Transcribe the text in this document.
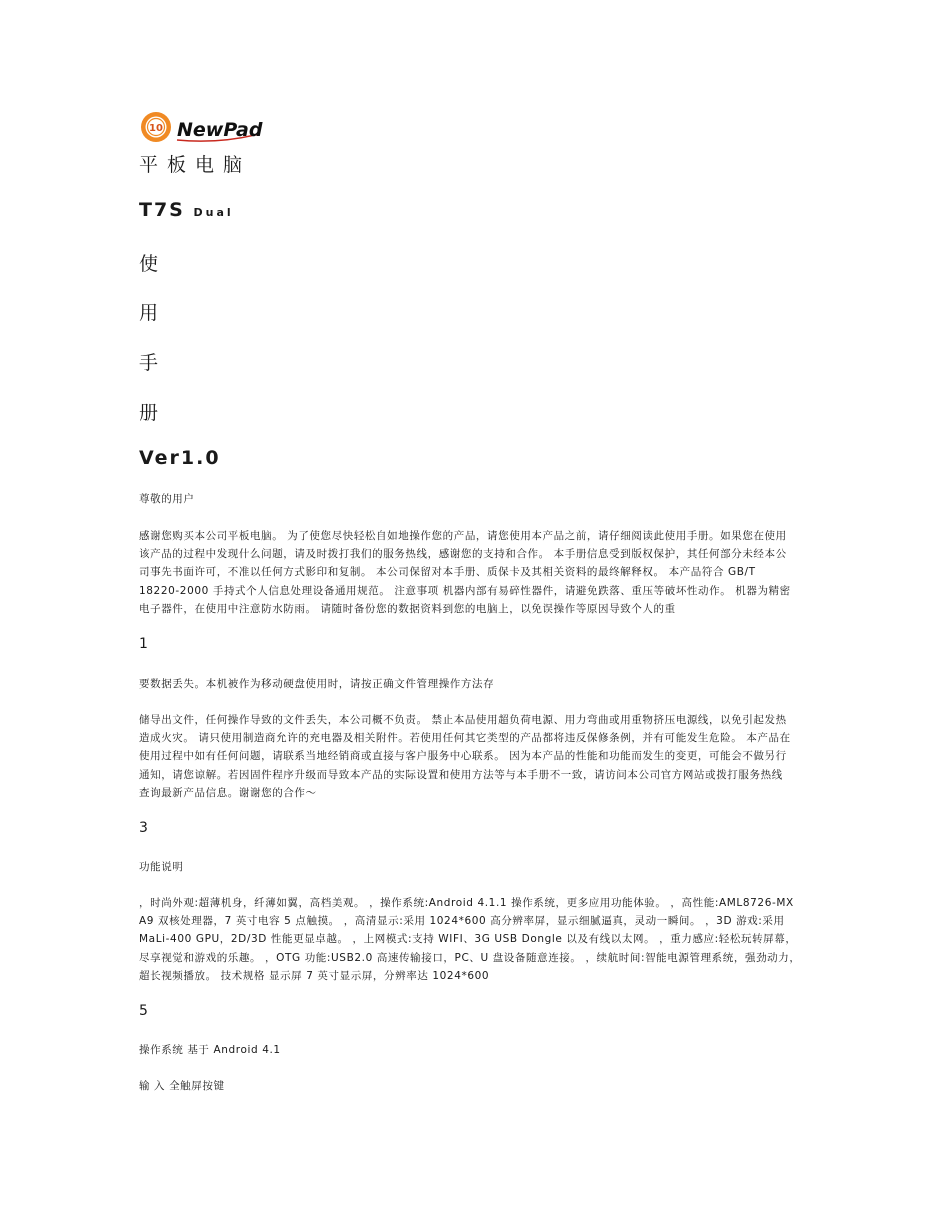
10 NewPad
平板电脑
T7S Dual
使
用
手
册
Ver1.0
尊敬的用户
感谢您购买本公司平板电脑。 为了使您尽快轻松自如地操作您的产品，请您使用本产品之前，请仔细阅读此使用手册。如果您在使用
该产品的过程中发现什么问题，请及时拨打我们的服务热线，感谢您的支持和合作。 本手册信息受到版权保护，其任何部分未经本公
司事先书面许可，不准以任何方式影印和复制。 本公司保留对本手册、质保卡及其相关资料的最终解释权。 本产品符合 GB/T
18220-2000 手持式个人信息处理设备通用规范。 注意事项 机器内部有易碎性器件，请避免跌落、重压等破坏性动作。 机器为精密
电子器件，在使用中注意防水防雨。 请随时备份您的数据资料到您的电脑上，以免误操作等原因导致个人的重
1
要数据丢失。本机被作为移动硬盘使用时，请按正确文件管理操作方法存
储导出文件，任何操作导致的文件丢失，本公司概不负责。 禁止本品使用超负荷电源、用力弯曲或用重物挤压电源线，以免引起发热
造成火灾。 请只使用制造商允许的充电器及相关附件。若使用任何其它类型的产品都将违反保修条例，并有可能发生危险。 本产品在
使用过程中如有任何问题，请联系当地经销商或直接与客户服务中心联系。 因为本产品的性能和功能而发生的变更，可能会不做另行
通知，请您谅解。若因固件程序升级而导致本产品的实际设置和使用方法等与本手册不一致，请访问本公司官方网站或拨打服务热线
查询最新产品信息。谢谢您的合作～
3
功能说明
，时尚外观:超薄机身，纤薄如翼，高档美观。 ，操作系统:Android 4.1.1 操作系统，更多应用功能体验。 ，高性能:AML8726-MX
A9 双核处理器，7 英寸电容 5 点触摸。 ，高清显示:采用 1024*600 高分辨率屏，显示细腻逼真，灵动一瞬间。 ，3D 游戏:采用
MaLi-400 GPU，2D/3D 性能更显卓越。 ，上网模式:支持 WIFI、3G USB Dongle 以及有线以太网。 ，重力感应:轻松玩转屏幕，
尽享视觉和游戏的乐趣。 ，OTG 功能:USB2.0 高速传输接口，PC、U 盘设备随意连接。 ，续航时间:智能电源管理系统，强劲动力，
超长视频播放。 技术规格 显示屏 7 英寸显示屏，分辨率达 1024*600
5
操作系统 基于 Android 4.1
输 入 全触屏按键
